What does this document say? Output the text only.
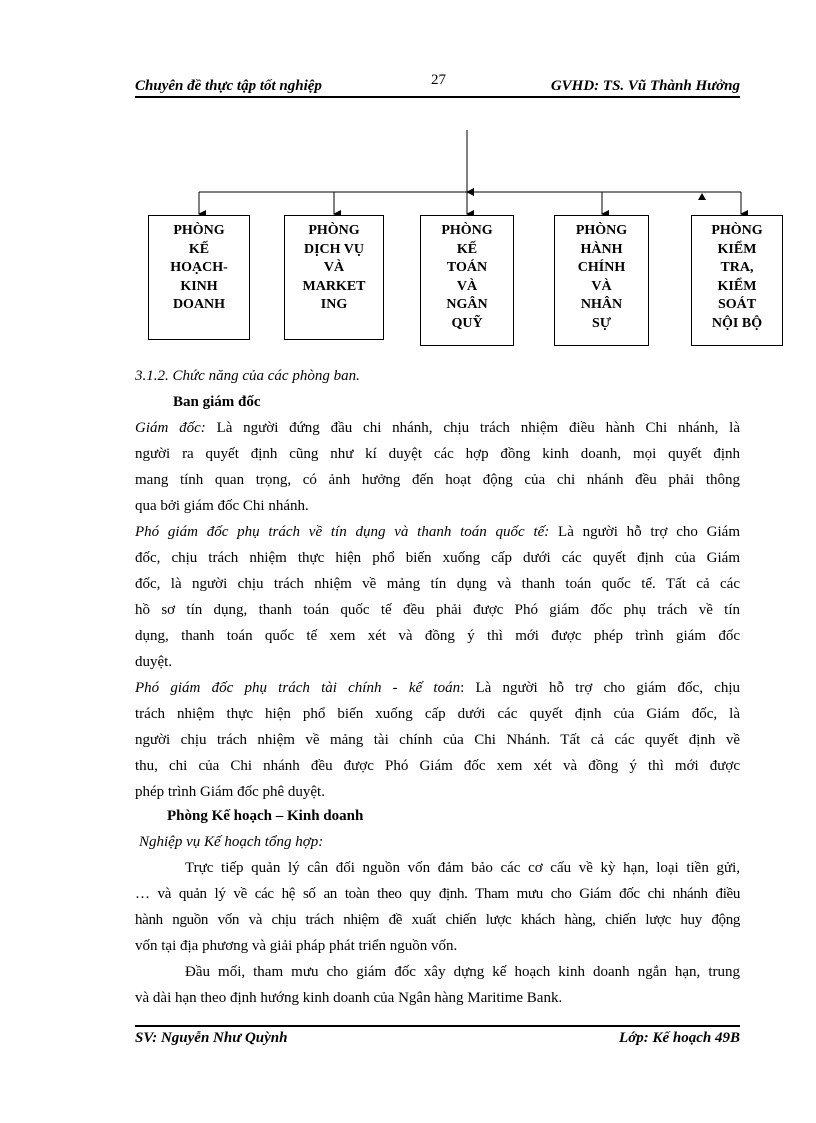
Chuyên đề thực tập tốt nghiệp	27	GVHD: TS. Vũ Thành Hưởng
PHÒNG
KẾ
HOẠCH-
KINH
DOANH
PHÒNG
DỊCH VỤ
VÀ
MARKET
ING
PHÒNG
KẾ
TOÁN
VÀ
NGÂN
QUỸ
PHÒNG
HÀNH
CHÍNH
VÀ
NHÂN
SỰ
PHÒNG
KIỂM
TRA,
KIỂM
SOÁT
NỘI BỘ
3.1.2. Chức năng của các phòng ban.
Ban giám đốc
Giám đốc: Là người đứng đầu chi nhánh, chịu trách nhiệm điều hành Chi nhánh, là
người ra quyết định cũng như kí duyệt các hợp đồng kinh doanh, mọi quyết định
mang tính quan trọng, có ảnh hưởng đến hoạt động của chi nhánh đều phải thông
qua bởi giám đốc Chi nhánh.
Phó giám đốc phụ trách về tín dụng và thanh toán quốc tế: Là người hỗ trợ cho Giám
đốc, chịu trách nhiệm thực hiện phổ biến xuống cấp dưới các quyết định của Giám
đốc, là người chịu trách nhiệm về mảng tín dụng và thanh toán quốc tế. Tất cả các
hồ sơ tín dụng, thanh toán quốc tế đều phải được Phó giám đốc phụ trách về tín
dụng, thanh toán quốc tế xem xét và đồng ý thì mới được phép trình giám đốc
duyệt.
Phó giám đốc phụ trách tài chính - kế toán: Là người hỗ trợ cho giám đốc, chịu
trách nhiệm thực hiện phổ biến xuống cấp dưới các quyết định của Giám đốc, là
người chịu trách nhiệm về mảng tài chính của Chi Nhánh. Tất cả các quyết định về
thu, chi của Chi nhánh đều được Phó Giám đốc xem xét và đồng ý thì mới được
phép trình Giám đốc phê duyệt.
Phòng Kế hoạch – Kinh doanh
Nghiệp vụ Kế hoạch tổng hợp:
Trực tiếp quản lý cân đối nguồn vốn đảm bảo các cơ cấu về kỳ hạn, loại tiền gửi,
… và quản lý về các hệ số an toàn theo quy định. Tham mưu cho Giám đốc chi nhánh điều
hành nguồn vốn và chịu trách nhiệm đề xuất chiến lược khách hàng, chiến lược huy động
vốn tại địa phương và giải pháp phát triển nguồn vốn.
Đầu mối, tham mưu cho giám đốc xây dựng kế hoạch kinh doanh ngắn hạn, trung
và dài hạn theo định hướng kinh doanh của Ngân hàng Maritime Bank.
SV: Nguyễn Như Quỳnh	Lớp: Kế hoạch 49B
